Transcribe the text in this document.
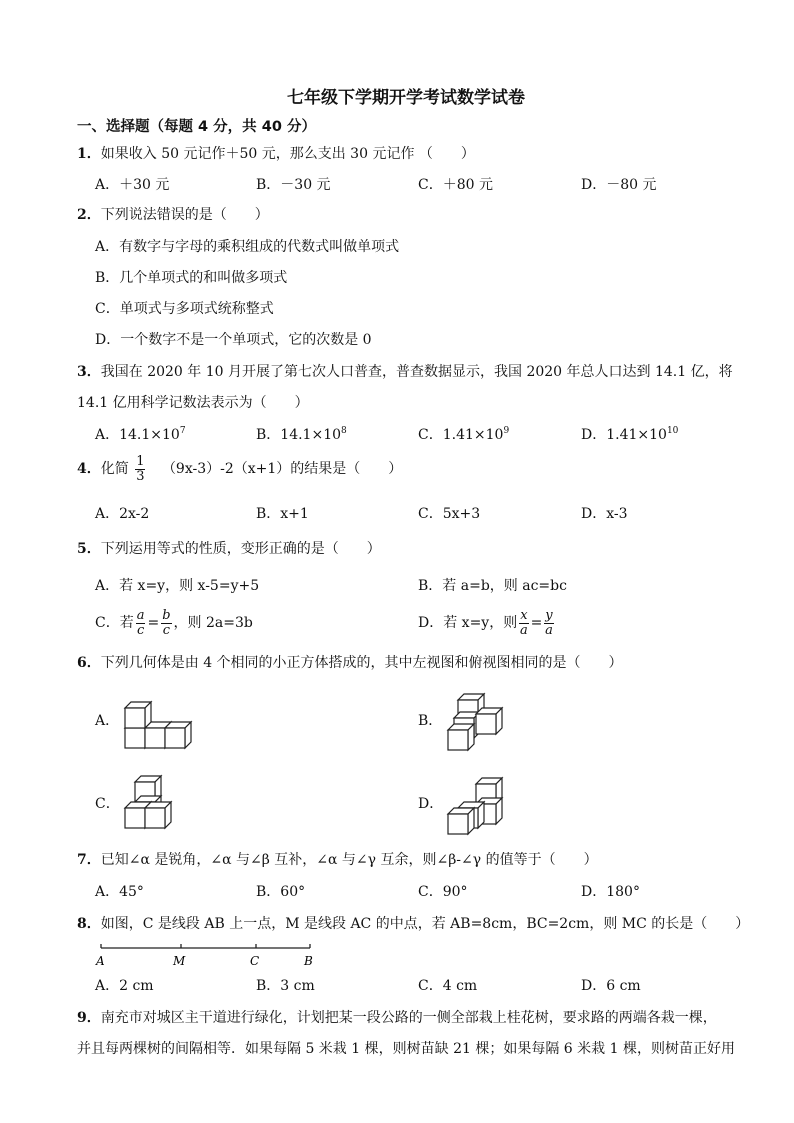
七年级下学期开学考试数学试卷
一、选择题（每题 4 分，共 40 分）
1．如果收入 50 元记作＋50 元，那么支出 30 元记作 （　　）
A．＋30 元	B．－30 元	C．＋80 元	D．－80 元
2．下列说法错误的是（　　）
A．有数字与字母的乘积组成的代数式叫做单项式
B．几个单项式的和叫做多项式
C．单项式与多项式统称整式
D．一个数字不是一个单项式，它的次数是 0
3．我国在 2020 年 10 月开展了第七次人口普查，普查数据显示，我国 2020 年总人口达到 14.1 亿，将
14.1 亿用科学记数法表示为（　　）
A．$14.1\times 10^7$	B．$14.1\times 10^8$	C．$1.41\times 10^9$	D．$1.41\times 10^{10}$
4．化简 $\frac{1}{3} (9x-3)-2(x+1)$的结果是（　　）
A．2x-2	B．x+1	C．5x+3	D．x-3
5．下列运用等式的性质，变形正确的是（　　）
A．若 x=y，则 x-5=y+5	B．若 a=b，则 ac=bc
C．若 $\frac{a}{c} = \frac{b}{c}$ ，则 2a=3b	D．若 x=y，则 $\frac{x}{a} = \frac{y}{a}$
6．下列几何体是由 4 个相同的小正方体搭成的，其中左视图和俯视图相同的是（　　）
A．	B．
C．	D．
7．已知∠α 是锐角，∠α 与∠β 互补，∠α 与∠γ 互余，则∠β-∠γ 的值等于（　　）
A．45°	B．60°	C．90°	D．180°
8．如图，C 是线段 AB 上一点，M 是线段 AC 的中点，若 AB=8cm，BC=2cm，则 MC 的长是（　　）
A	M	C	B
A．2 cm	B．3 cm	C．4 cm	D．6 cm
9．南充市对城区主干道进行绿化，计划把某一段公路的一侧全部栽上桂花树，要求路的两端各栽一棵，
并且每两棵树的间隔相等．如果每隔 5 米栽 1 棵，则树苗缺 21 棵；如果每隔 6 米栽 1 棵，则树苗正好用
